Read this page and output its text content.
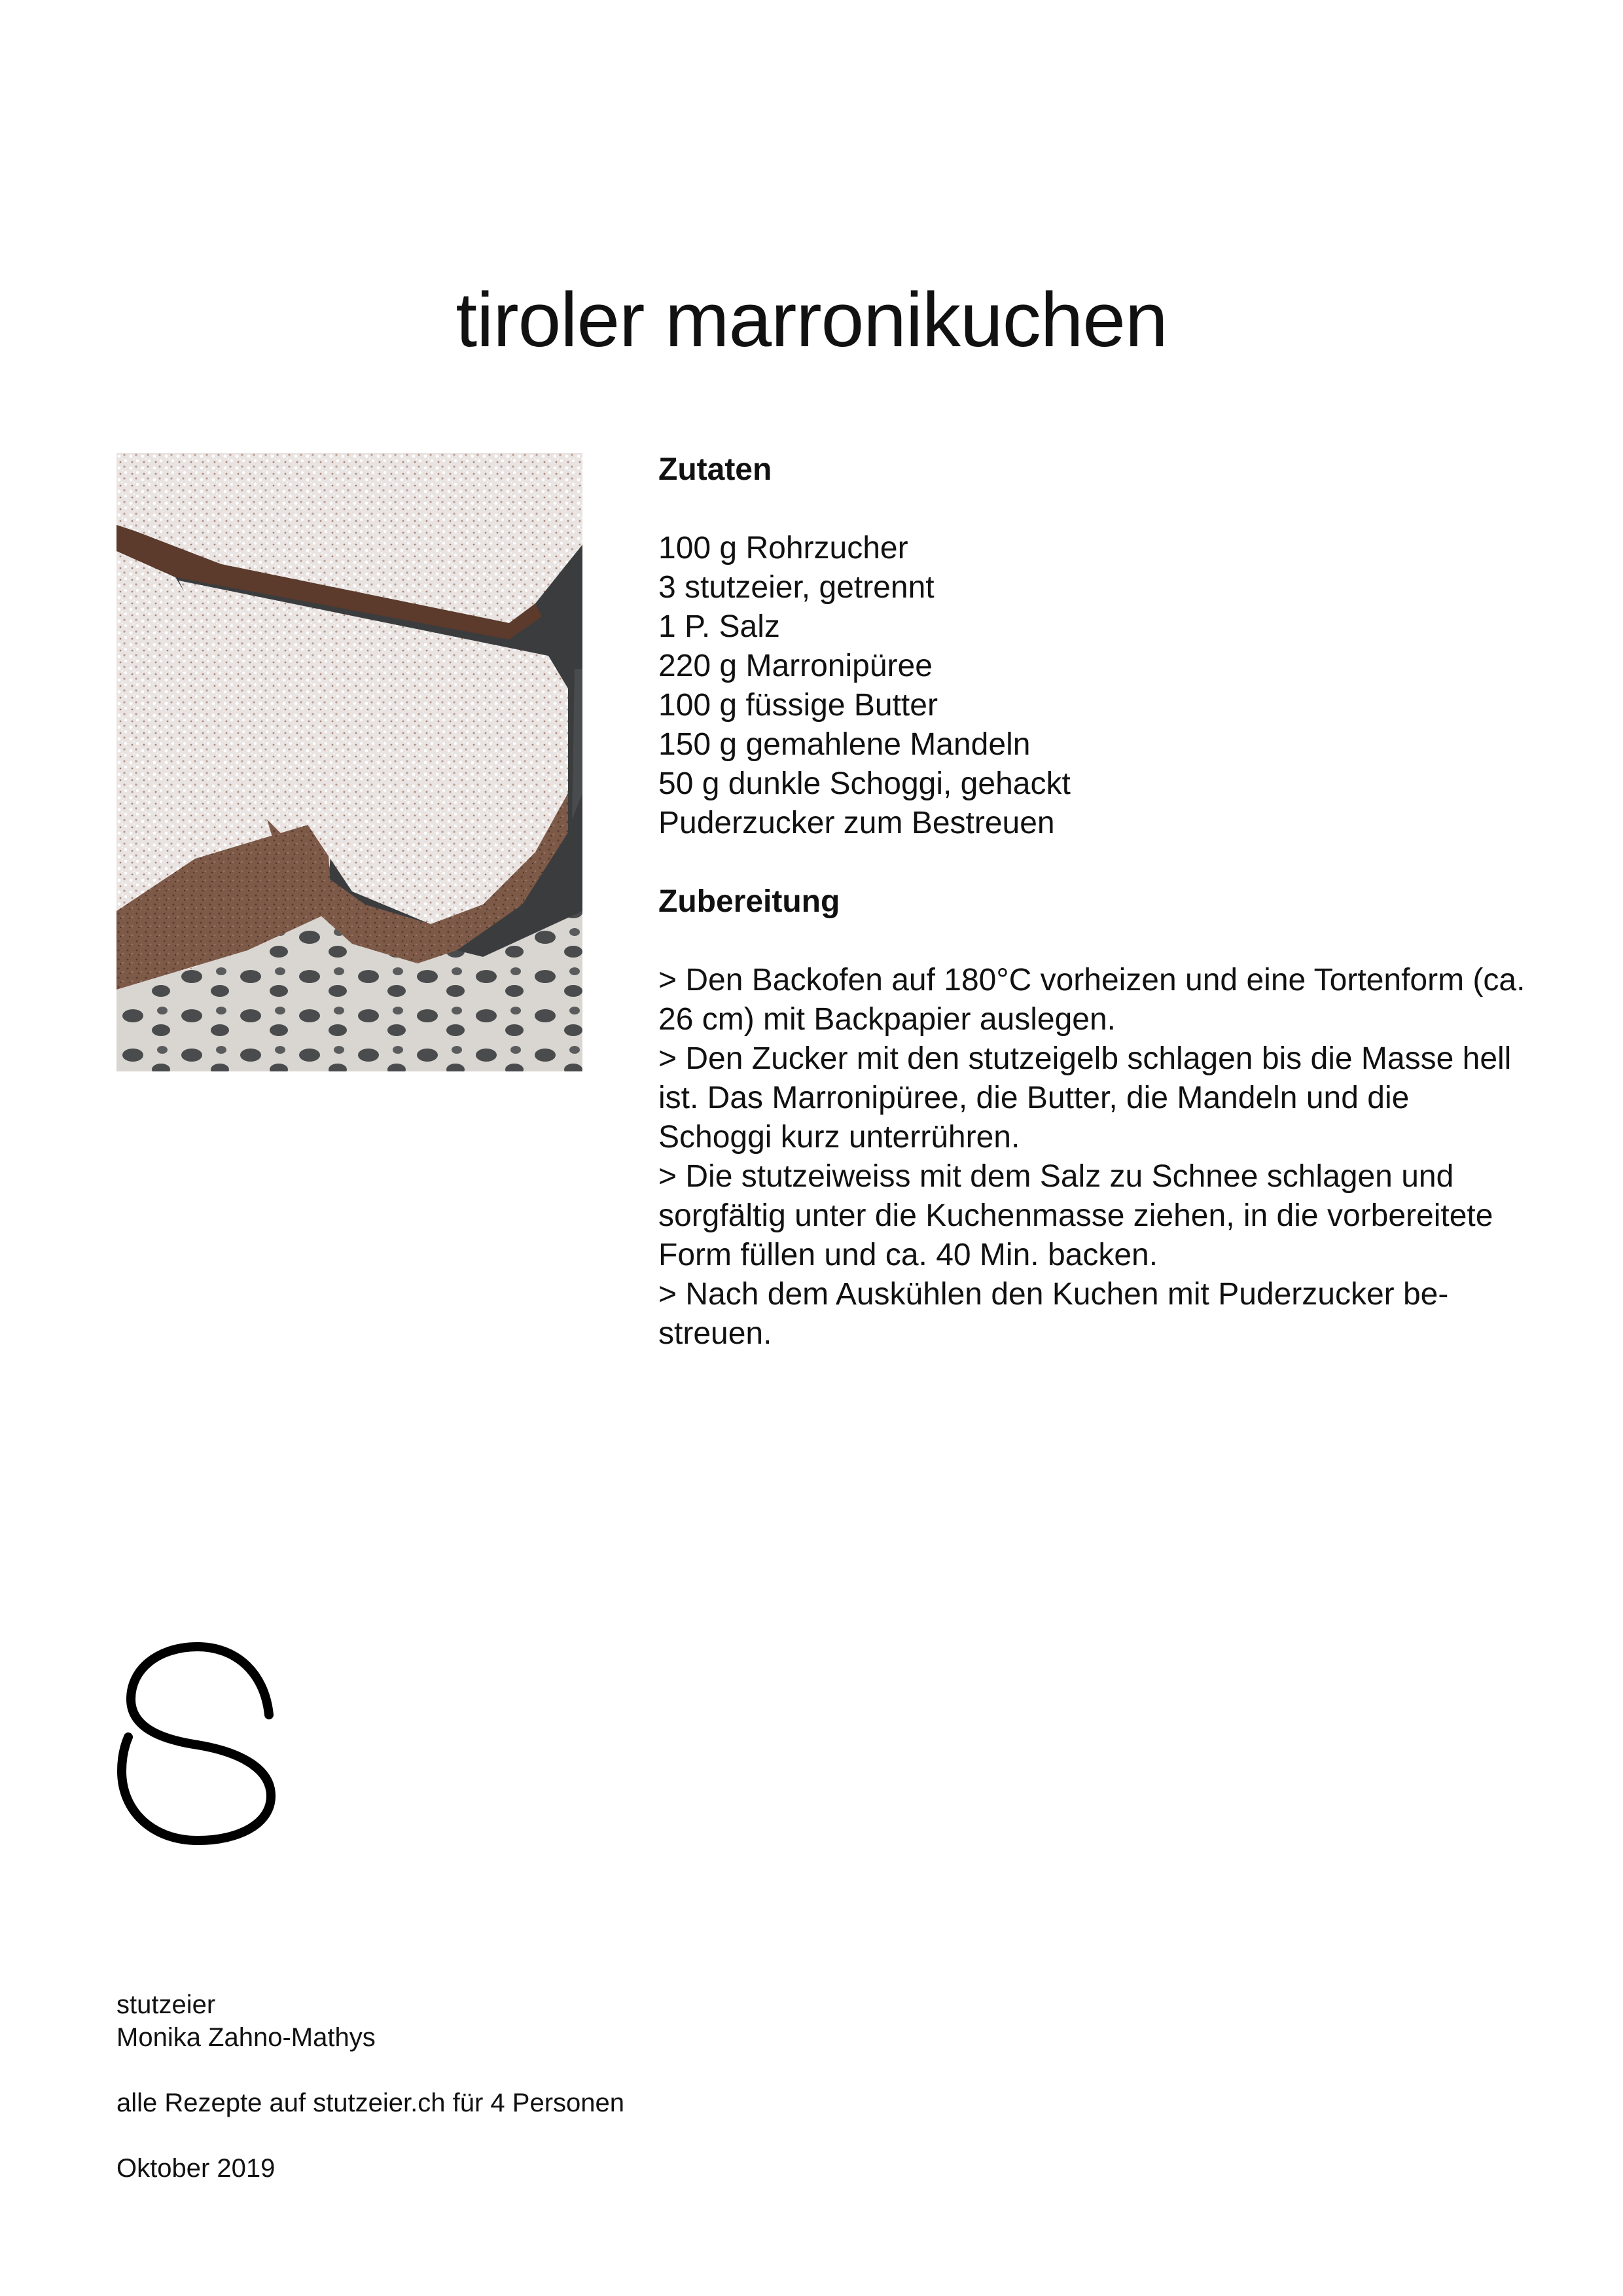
tiroler marronikuchen
Zutaten
100 g Rohrzucher
3 stutzeier, getrennt
1 P. Salz
220 g Marronipüree
100 g füssige Butter
150 g gemahlene Mandeln
50 g dunkle Schoggi, gehackt
Puderzucker zum Bestreuen
Zubereitung

> Den Backofen auf 180°C vorheizen und eine Tortenform (ca. 26 cm) mit Backpapier auslegen.

> Den Zucker mit den stutzeigelb schlagen bis die Masse hell ist. Das Marronipüree, die Butter, die Mandeln und die Schoggi kurz unterrühren.

> Die stutzeiweiss mit dem Salz zu Schnee schlagen und sorgfältig unter die Kuchenmasse ziehen, in die vorbereitete Form füllen und ca. 40 Min. backen.

> Nach dem Auskühlen den Kuchen mit Puderzucker be-streuen.

stutzeier

Monika Zahno-Mathys

alle Rezepte auf stutzeier.ch für 4 Personen

Oktober 2019
